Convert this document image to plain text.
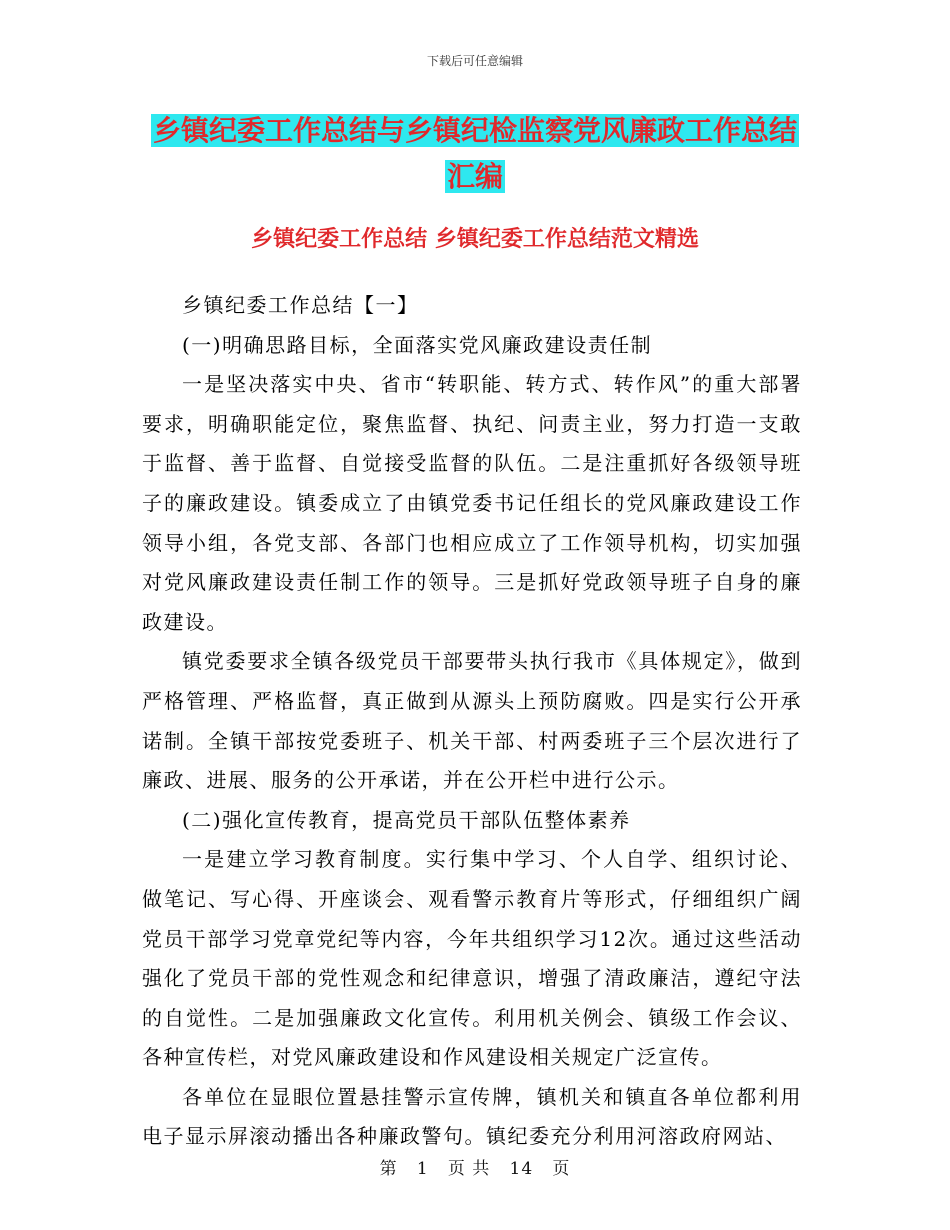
下载后可任意编辑
乡镇纪委工作总结与乡镇纪检监察党风廉政工作总结
汇编
乡镇纪委工作总结 乡镇纪委工作总结范文精选

乡镇纪委工作总结【一】

(一)明确思路目标，全面落实党风廉政建设责任制

一是坚决落实中央、省市“转职能、转方式、转作风”的重大部署要求，明确职能定位，聚焦监督、执纪、问责主业，努力打造一支敢于监督、善于监督、自觉接受监督的队伍。二是注重抓好各级领导班子的廉政建设。镇委成立了由镇党委书记任组长的党风廉政建设工作领导小组，各党支部、各部门也相应成立了工作领导机构，切实加强对党风廉政建设责任制工作的领导。三是抓好党政领导班子自身的廉政建设。

镇党委要求全镇各级党员干部要带头执行我市《具体规定》，做到严格管理、严格监督，真正做到从源头上预防腐败。四是实行公开承诺制。全镇干部按党委班子、机关干部、村两委班子三个层次进行了廉政、进展、服务的公开承诺，并在公开栏中进行公示。

(二)强化宣传教育，提高党员干部队伍整体素养

一是建立学习教育制度。实行集中学习、个人自学、组织讨论、做笔记、写心得、开座谈会、观看警示教育片等形式，仔细组织广阔党员干部学习党章党纪等内容，今年共组织学习12次。通过这些活动强化了党员干部的党性观念和纪律意识，增强了清政廉洁，遵纪守法的自觉性。二是加强廉政文化宣传。利用机关例会、镇级工作会议、各种宣传栏，对党风廉政建设和作风建设相关规定广泛宣传。

各单位在显眼位置悬挂警示宣传牌，镇机关和镇直各单位都利用电子显示屏滚动播出各种廉政警句。镇纪委充分利用河溶政府网站、

第 1 页 共 14 页
